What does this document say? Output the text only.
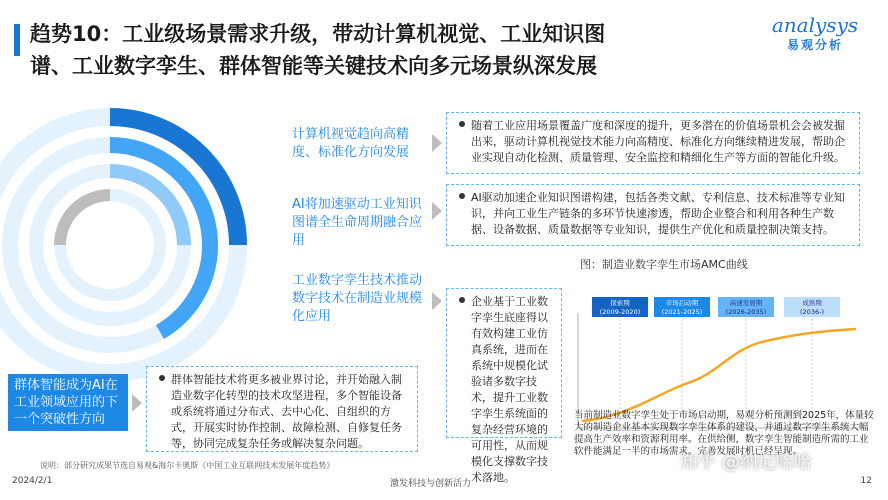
趋势10：工业级场景需求升级，带动计算机视觉、工业知识图
谱、工业数字孪生、群体智能等关键技术向多元场景纵深发展
analysys
易观分析
计算机视觉趋向高精度、标准化方向发展
AI将加速驱动工业知识图谱全生命周期融合应用
工业数字孪生技术推动数字技术在制造业规模化应用
群体智能成为AI在工业领域应用的下一个突破性方向
随着工业应用场景覆盖广度和深度的提升，更多潜在的价值场景机会会被发掘出来，驱动计算机视觉技术能力向高精度、标准化方向继续精进发展，帮助企业实现自动化检测、质量管理、安全监控和精细化生产等方面的智能化升级。
AI驱动加速企业知识图谱构建，包括各类文献、专利信息、技术标准等专业知识，并向工业生产链条的多环节快速渗透，帮助企业整合和利用各种生产数据、设备数据、质量数据等专业知识，提供生产优化和质量控制决策支持。
企业基于工业数字孪生底座得以有效构建工业仿真系统，进而在系统中规模化试验诸多数字技术，提升工业数字孪生系统面的复杂经营环境的可用性，从而规模化支撑数字技术落地。
群体智能技术将更多被业界讨论，并开始融入制造业数字化转型的技术攻坚进程，多个智能设备或系统将通过分布式、去中心化、自组织的方式，开展实时协作控制、故障检测、自修复任务等，协同完成复杂任务或解决复杂问题。
图：制造业数字孪生市场AMC曲线
探索期
(2009-2020)
市场启动期
(2021-2025)
高速发展期
(2026-2035)
成熟期
(2036-)
当前制造业数字孪生处于市场启动期，易观分析预测到2025年，体量较大的制造企业基本实现数字孪生体系的建设，并通过数字孪生系统大幅提高生产效率和资源利用率。在供给侧，数字孪生智能制造所需的工业软件能满足一半的市场需求。完善发展时机已经呈现。
说明：部分研究成果节选自易观&海尔卡奥斯《中国工业互联网技术发展年度趋势》
2024/2/1	激发科技与创新活力	12
知乎 @纳尼哈哈
